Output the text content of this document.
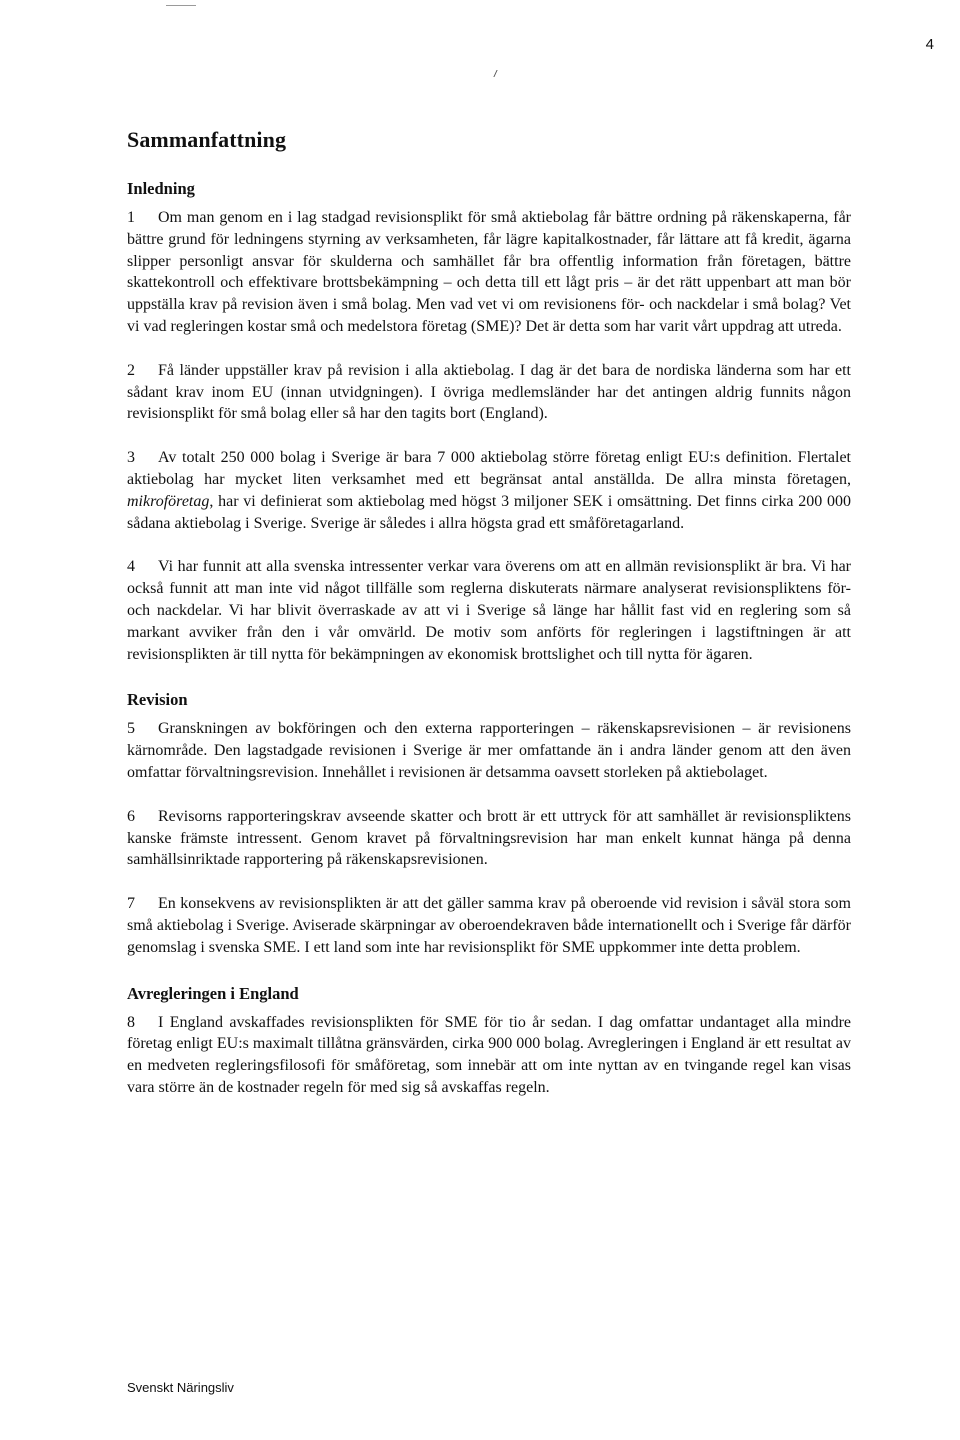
4
Sammanfattning
Inledning

1 Om man genom en i lag stadgad revisionsplikt för små aktiebolag får bättre ordning på räkenskaperna, får bättre grund för ledningens styrning av verksamheten, får lägre kapitalkostnader, får lättare att få kredit, ägarna slipper personligt ansvar för skulderna och samhället får bra offentlig information från företagen, bättre skattekontroll och effektivare brottsbekämpning – och detta till ett lågt pris – är det rätt uppenbart att man bör uppställa krav på revision även i små bolag. Men vad vet vi om revisionens för- och nackdelar i små bolag? Vet vi vad regleringen kostar små och medelstora företag (SME)? Det är detta som har varit vårt uppdrag att utreda.

2 Få länder uppställer krav på revision i alla aktiebolag. I dag är det bara de nordiska länderna som har ett sådant krav inom EU (innan utvidgningen). I övriga medlemsländer har det antingen aldrig funnits någon revisionsplikt för små bolag eller så har den tagits bort (England).

3 Av totalt 250 000 bolag i Sverige är bara 7 000 aktiebolag större företag enligt EU:s definition. Flertalet aktiebolag har mycket liten verksamhet med ett begränsat antal anställda. De allra minsta företagen, mikroföretag, har vi definierat som aktiebolag med högst 3 miljoner SEK i omsättning. Det finns cirka 200 000 sådana aktiebolag i Sverige. Sverige är således i allra högsta grad ett småföretagarland.

4 Vi har funnit att alla svenska intressenter verkar vara överens om att en allmän revisionsplikt är bra. Vi har också funnit att man inte vid något tillfälle som reglerna diskuterats närmare analyserat revisionspliktens för- och nackdelar. Vi har blivit överraskade av att vi i Sverige så länge har hållit fast vid en reglering som så markant avviker från den i vår omvärld. De motiv som anförts för regleringen i lagstiftningen är att revisionsplikten är till nytta för bekämpningen av ekonomisk brottslighet och till nytta för ägaren.

Revision

5 Granskningen av bokföringen och den externa rapporteringen – räkenskapsrevisionen – är revisionens kärnområde. Den lagstadgade revisionen i Sverige är mer omfattande än i andra länder genom att den även omfattar förvaltningsrevision. Innehållet i revisionen är detsamma oavsett storleken på aktiebolaget.

6 Revisorns rapporteringskrav avseende skatter och brott är ett uttryck för att samhället är revisionspliktens kanske främste intressent. Genom kravet på förvaltningsrevision har man enkelt kunnat hänga på denna samhällsinriktade rapportering på räkenskapsrevisionen.

7 En konsekvens av revisionsplikten är att det gäller samma krav på oberoende vid revision i såväl stora som små aktiebolag i Sverige. Aviserade skärpningar av oberoendekraven både internationellt och i Sverige får därför genomslag i svenska SME. I ett land som inte har revisionsplikt för SME uppkommer inte detta problem.

Avregleringen i England

8 I England avskaffades revisionsplikten för SME för tio år sedan. I dag omfattar undantaget alla mindre företag enligt EU:s maximalt tillåtna gränsvärden, cirka 900 000 bolag. Avregleringen i England är ett resultat av en medveten regleringsfilosofi för småföretag, som innebär att om inte nyttan av en tvingande regel kan visas vara större än de kostnader regeln för med sig så avskaffas regeln.

Svenskt Näringsliv
